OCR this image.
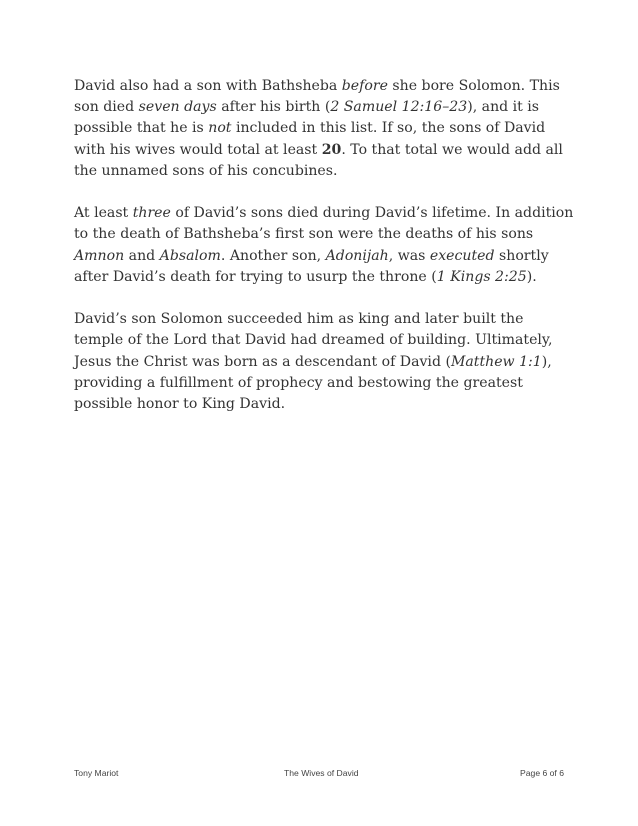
David also had a son with Bathsheba before she bore Solomon. This son died seven days after his birth (2 Samuel 12:16–23), and it is possible that he is not included in this list. If so, the sons of David with his wives would total at least 20. To that total we would add all the unnamed sons of his concubines.

At least three of David’s sons died during David’s lifetime. In addition to the death of Bathsheba’s first son were the deaths of his sons Amnon and Absalom. Another son, Adonijah, was executed shortly after David’s death for trying to usurp the throne (1 Kings 2:25).

David’s son Solomon succeeded him as king and later built the temple of the Lord that David had dreamed of building. Ultimately, Jesus the Christ was born as a descendant of David (Matthew 1:1), providing a fulfillment of prophecy and bestowing the greatest possible honor to King David.

Tony Mariot	The Wives of David	Page 6 of 6
